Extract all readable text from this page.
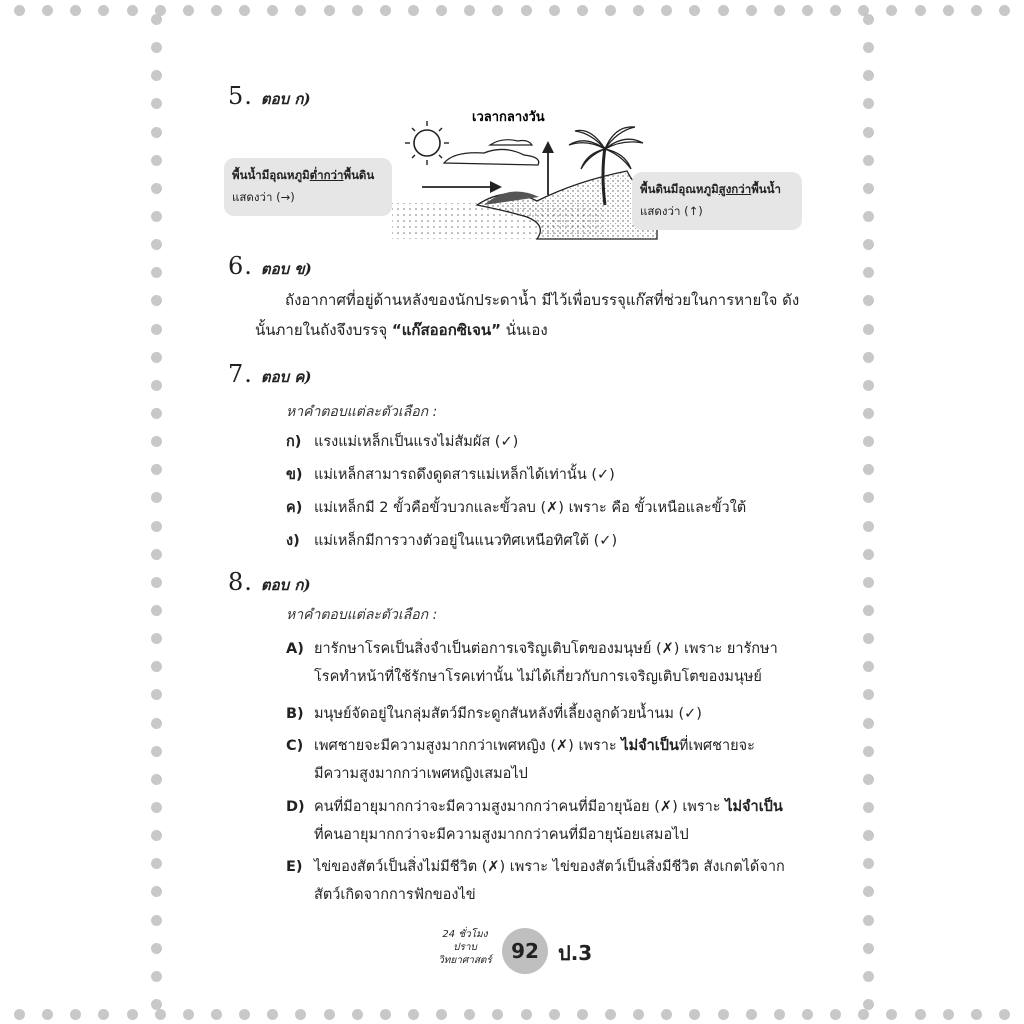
5. ตอบ ก)
เวลากลางวัน
พื้นน้ำมีอุณหภูมิต่ำกว่าพื้นดิน
แสดงว่า (→)
พื้นดินมีอุณหภูมิสูงกว่าพื้นน้ำ
แสดงว่า (↑)
6. ตอบ ข)
ถังอากาศที่อยู่ด้านหลังของนักประดาน้ำ มีไว้เพื่อบรรจุแก๊สที่ช่วยในการหายใจ ดัง
นั้นภายในถังจึงบรรจุ “แก๊สออกซิเจน” นั่นเอง
7. ตอบ ค)
หาคำตอบแต่ละตัวเลือก :
ก) แรงแม่เหล็กเป็นแรงไม่สัมผัส (✓)
ข) แม่เหล็กสามารถดึงดูดสารแม่เหล็กได้เท่านั้น (✓)
ค) แม่เหล็กมี 2 ขั้วคือขั้วบวกและขั้วลบ (✗) เพราะ คือ ขั้วเหนือและขั้วใต้
ง) แม่เหล็กมีการวางตัวอยู่ในแนวทิศเหนือทิศใต้ (✓)
8. ตอบ ก)
หาคำตอบแต่ละตัวเลือก :
A) ยารักษาโรคเป็นสิ่งจำเป็นต่อการเจริญเติบโตของมนุษย์ (✗) เพราะ ยารักษา
โรคทำหน้าที่ใช้รักษาโรคเท่านั้น ไม่ได้เกี่ยวกับการเจริญเติบโตของมนุษย์
B) มนุษย์จัดอยู่ในกลุ่มสัตว์มีกระดูกสันหลังที่เลี้ยงลูกด้วยน้ำนม (✓)
C) เพศชายจะมีความสูงมากกว่าเพศหญิง (✗) เพราะ ไม่จำเป็นที่เพศชายจะ
มีความสูงมากกว่าเพศหญิงเสมอไป
D) คนที่มีอายุมากกว่าจะมีความสูงมากกว่าคนที่มีอายุน้อย (✗) เพราะ ไม่จำเป็น
ที่คนอายุมากกว่าจะมีความสูงมากกว่าคนที่มีอายุน้อยเสมอไป
E) ไข่ของสัตว์เป็นสิ่งไม่มีชีวิต (✗) เพราะ ไข่ของสัตว์เป็นสิ่งมีชีวิต สังเกตได้จาก
สัตว์เกิดจากการฟักของไข่
24 ชั่วโมง
ปราบ
วิทยาศาสตร์ 92 ป.3
